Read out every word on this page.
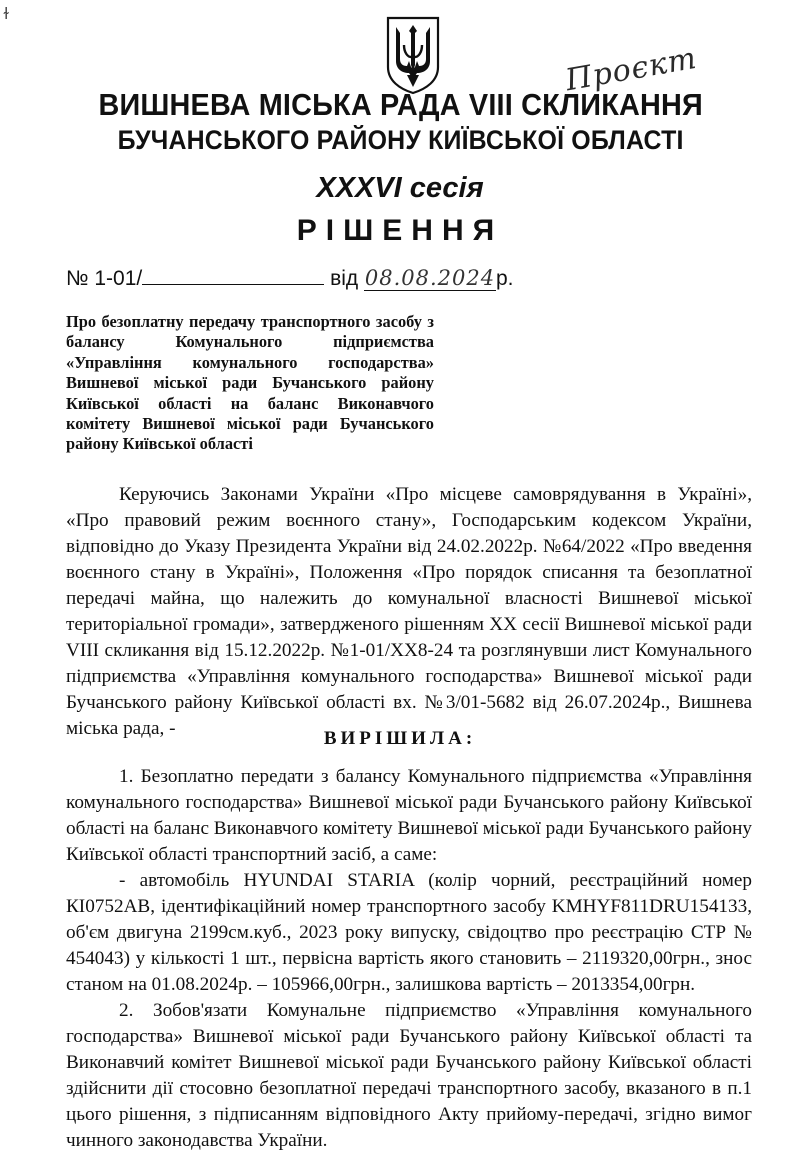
ɫ
Проєкт
ВИШНЕВА МІСЬКА РАДА VIII СКЛИКАННЯ
БУЧАНСЬКОГО РАЙОНУ КИЇВСЬКОЇ ОБЛАСТІ
XXXVI сесія
РІШЕННЯ
№ 1-01/	від 08.08.2024р.

Про безоплатну передачу транспортного засобу з балансу Комунального підприємства «Управління комунального господарства» Вишневої міської ради Бучанського району Київської області на баланс Виконавчого комітету Вишневої міської ради Бучанського району Київської області

Керуючись Законами України «Про місцеве самоврядування в Україні», «Про правовий режим воєнного стану», Господарським кодексом України, відповідно до Указу Президента України від 24.02.2022р. №64/2022 «Про введення воєнного стану в Україні», Положення «Про порядок списання та безоплатної передачі майна, що належить до комунальної власності Вишневої міської територіальної громади», затвердженого рішенням XX сесії Вишневої міської ради VIII скликання від 15.12.2022р. №1-01/XX8-24 та розглянувши лист Комунального підприємства «Управління комунального господарства» Вишневої міської ради Бучанського району Київської області вх. №3/01-5682 від 26.07.2024р., Вишнева міська рада, -	ВИРІШИЛА:

1. Безоплатно передати з балансу Комунального підприємства «Управління комунального господарства» Вишневої міської ради Бучанського району Київської області на баланс Виконавчого комітету Вишневої міської ради Бучанського району Київської області транспортний засіб, а саме:

- автомобіль HYUNDAI STARIA (колір чорний, реєстраційний номер КІ0752АВ, ідентифікаційний номер транспортного засобу KMHYF811DRU154133, об'єм двигуна 2199см.куб., 2023 року випуску, свідоцтво про реєстрацію СТР № 454043) у кількості 1 шт., первісна вартість якого становить – 2119320,00грн., знос станом на 01.08.2024р. – 105966,00грн., залишкова вартість – 2013354,00грн.

2. Зобов'язати Комунальне підприємство «Управління комунального господарства» Вишневої міської ради Бучанського району Київської області та Виконавчий комітет Вишневої міської ради Бучанського району Київської області здійснити дії стосовно безоплатної передачі транспортного засобу, вказаного в п.1 цього рішення, з підписанням відповідного Акту прийому-передачі, згідно вимог чинного законодавства України.
